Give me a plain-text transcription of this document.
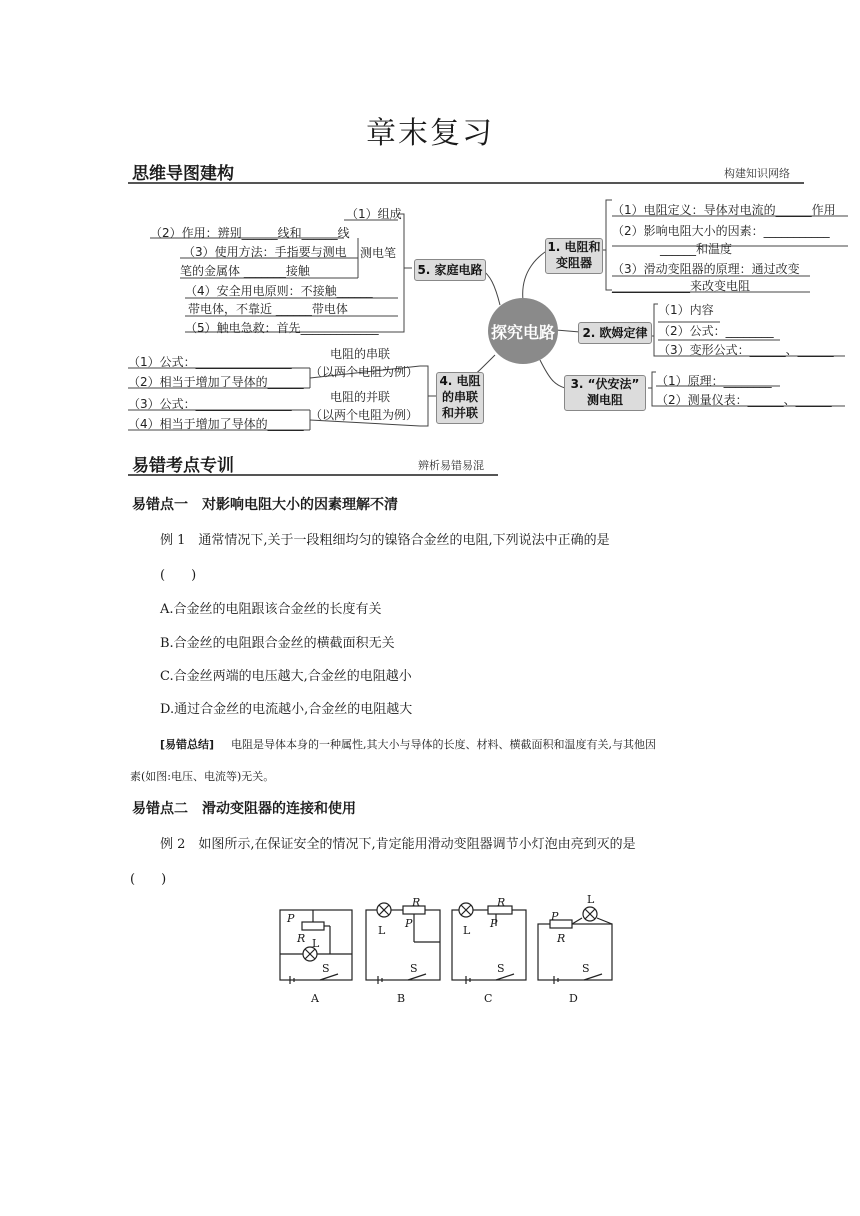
章末复习
思维导图建构	构建知识网络
探究电路
1. 电阻和
变阻器
2. 欧姆定律
3. “伏安法”
测电阻
4. 电阻
的串联
和并联
5. 家庭电路
（1）电阻定义：导体对电流的______作用
（2）影响电阻大小的因素：___________
______和温度
（3）滑动变阻器的原理：通过改变
_____________来改变电阻
（1）内容
（2）公式：________
（3）变形公式：______、______
（1）原理：________
（2）测量仪表：______、______
（1）组成
（2）作用：辨别______线和______线
（3）使用方法：手指要与测电 测电笔
笔的金属体 _______接触
（4）安全用电原则：不接触______
带电体，不靠近 ______带电体
（5）触电急救：首先_____________
（1）公式：________________
（2）相当于增加了导体的______
（3）公式：________________
（4）相当于增加了导体的______
电阻的串联
（以两个电阻为例）
电阻的并联
（以两个电阻为例）
易错考点专训	辨析易错易混
易错点一　对影响电阻大小的因素理解不清
例 1　通常情况下,关于一段粗细均匀的镍铬合金丝的电阻,下列说法中正确的是
(　　)
A.合金丝的电阻跟该合金丝的长度有关
B.合金丝的电阻跟合金丝的横截面积无关
C.合金丝两端的电压越大,合金丝的电阻越小
D.通过合金丝的电流越小,合金丝的电阻越大
[易错总结] 电阻是导体本身的一种属性,其大小与导体的长度、材料、横截面积和温度有关,与其他因
素(如图:电压、电流等)无关。
易错点二　滑动变阻器的连接和使用
例 2　如图所示,在保证安全的情况下,肯定能用滑动变阻器调节小灯泡由亮到灭的是
(　　)
P
R L
S
L
R
P
S
L
R
P
S
P
R
L
S
A	B	C	D
